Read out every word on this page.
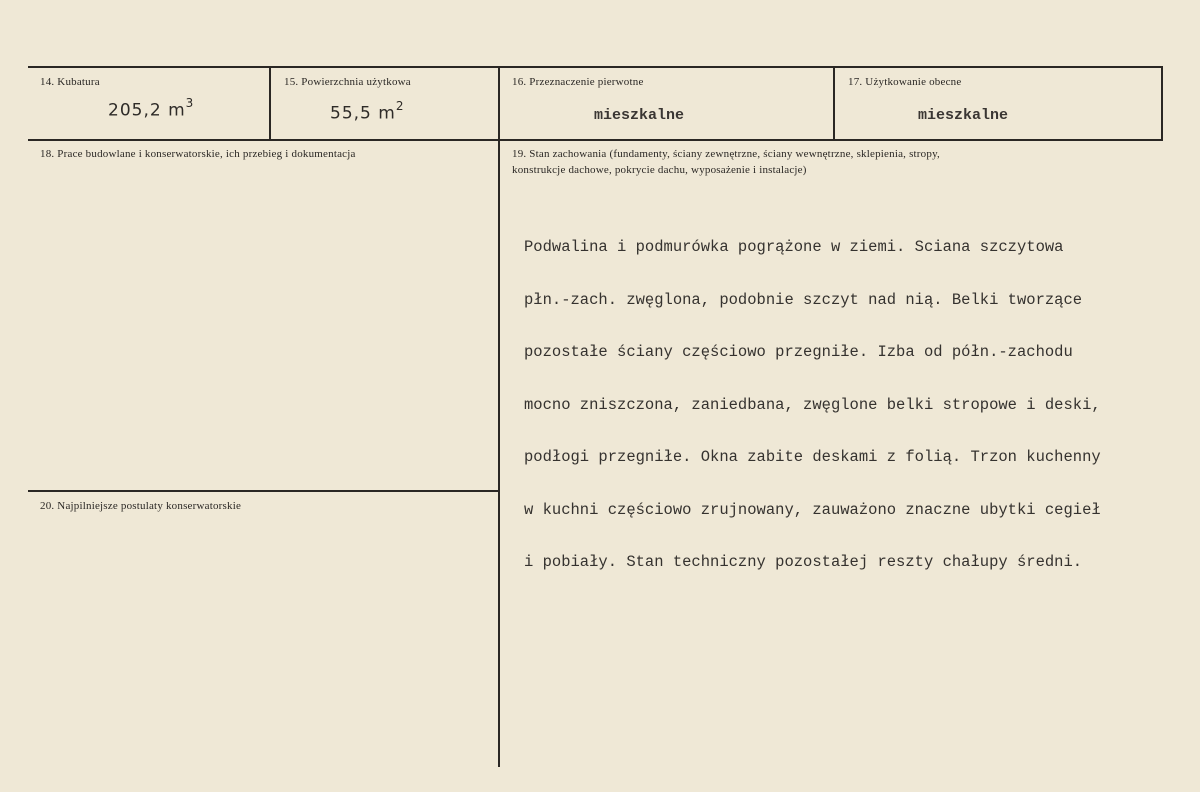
14. Kubatura
205,2 $m^3$
15. Powierzchnia użytkowa
55,5 $m^2$
16. Przeznaczenie pierwotne
mieszkalne
17. Użytkowanie obecne
mieszkalne
18. Prace budowlane i konserwatorskie, ich przebieg i dokumentacja	19. Stan zachowania (fundamenty, ściany zewnętrzne, ściany wewnętrzne, sklepienia, stropy,
konstrukcje dachowe, pokrycie dachu, wyposażenie i instalacje)

Podwalina i podmurówka pogrążone w ziemi. Sciana szczytowa

płn.-zach. zwęglona, podobnie szczyt nad nią. Belki tworzące

pozostałe ściany częściowo przegniłe. Izba od półn.-zachodu

mocno zniszczona, zaniedbana, zwęglone belki stropowe i deski,

podłogi przegniłe. Okna zabite deskami z folią. Trzon kuchenny

w kuchni częściowo zrujnowany, zauważono znaczne ubytki cegieł

i pobiały. Stan techniczny pozostałej reszty chałupy średni.

20. Najpilniejsze postulaty konserwatorskie
